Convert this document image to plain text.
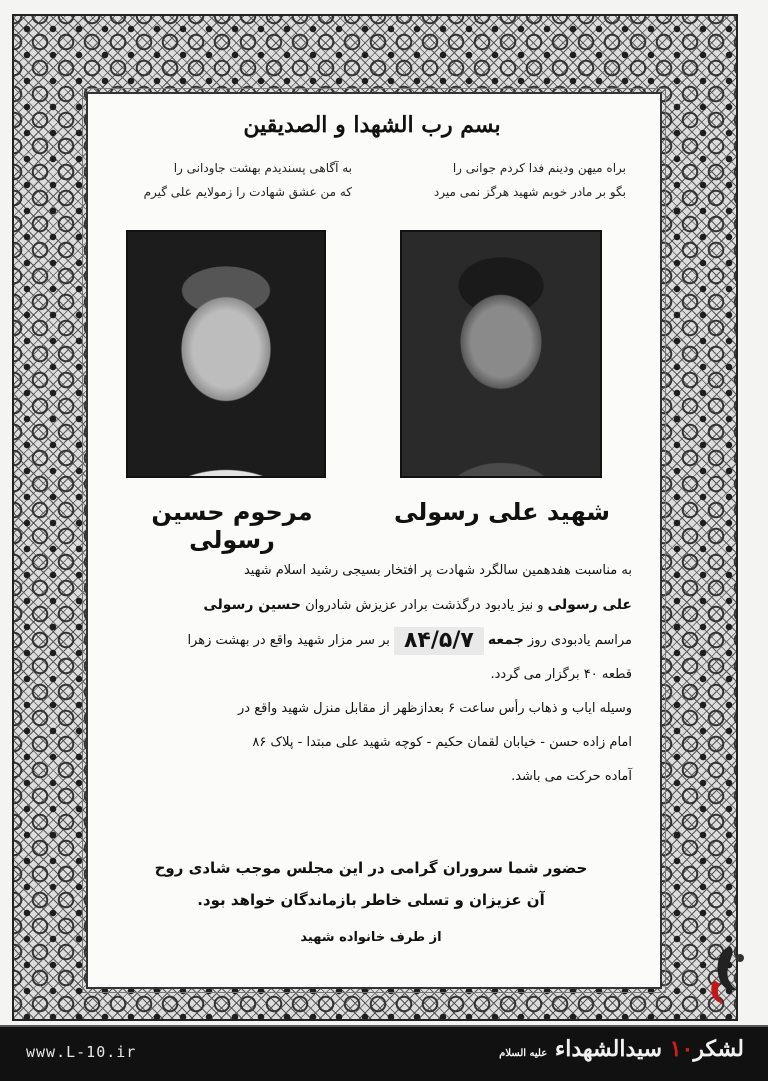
بسم رب الشهدا و الصدیقین
براه میهن ودینم فدا کردم جوانی را
بگو بر مادر خوبم شهید هرگز نمی میرد
به آگاهی پسندیدم بهشت جاودانی را
که من عشق شهادت را زمولایم علی گیرم
شهید علی رسولی
مرحوم حسین رسولی

به مناسبت هفدهمین سالگرد شهادت پر افتخار بسیجی رشید اسلام شهید

علی رسولی و نیز یادبود درگذشت برادر عزیزش شادروان حسین رسولی

مراسم یادبودی روز جمعه ۸۴/۵/۷ بر سر مزار شهید واقع در بهشت زهرا

قطعه ۴۰ برگزار می گردد.

وسیله ایاب و ذهاب رأس ساعت ۶ بعدازظهر از مقابل منزل شهید واقع در

امام زاده حسن - خیابان لقمان حکیم - کوچه شهید علی مبتدا - پلاک ۸۶

آماده حرکت می باشد.

حضور شما سروران گرامی در این مجلس موجب شادی روح
آن عزیزان و تسلی خاطر بازماندگان خواهد بود.
از طرف خانواده شهید
www.L-10.ir	لشکر۱۰ سیدالشهداء علیه السلام
